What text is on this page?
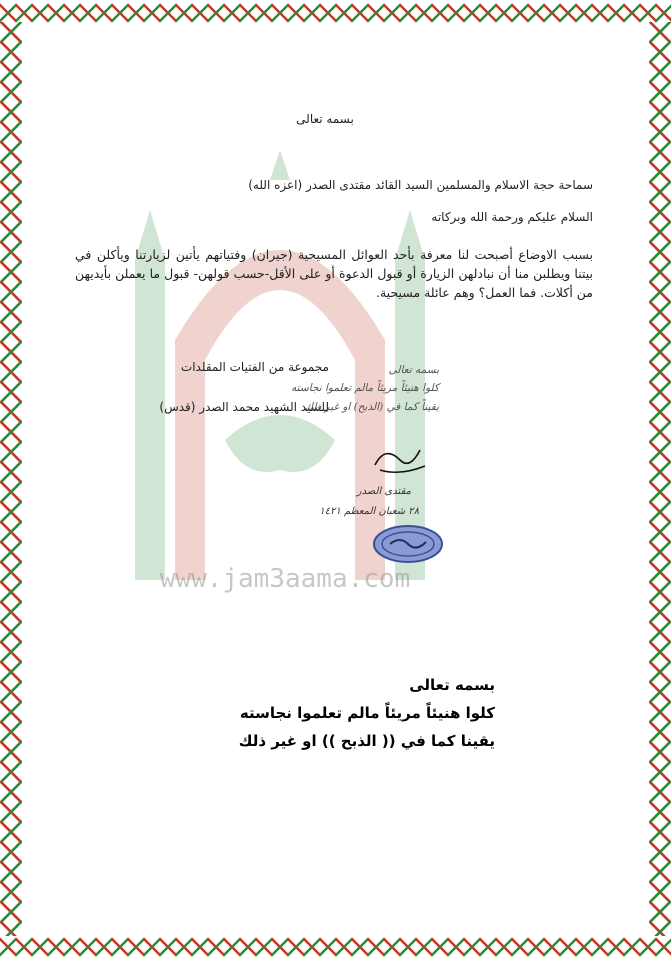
www.jam3aama.com
بسمه تعالى
سماحة حجة الاسلام والمسلمين السيد القائد مقتدى الصدر (اعزه الله)
السلام عليكم ورحمة الله وبركاته
بسبب الاوضاع أصبحت لنا معرفة بأحد العوائل المسيحية (جيران) وفتياتهم يأتين لزيارتنا ويأكلن في بيتنا ويطلبن منا أن نبادلهن الزيارة أو قبول الدعوة أو على الأقل-حسب قولهن- قبول ما يعملن بأيديهن من أكلات. فما العمل؟ وهم عائلة مسيحية.
مجموعة من الفتيات المقلدات
للسيد الشهيد محمد الصدر (قدس)
بسمه تعالى
كلوا هنيئاً مريئاً مالم تعلموا نجاسته
يقيناً كما في (الذبح) او غير ذلك
مقتدى الصدر
٢٨ شعبان المعظم ١٤٢١
بسمه تعالى
كلوا هنيئاً مريئاً مالم تعلموا نجاسته
يقينا كما في (( الذبح )) او غير ذلك
